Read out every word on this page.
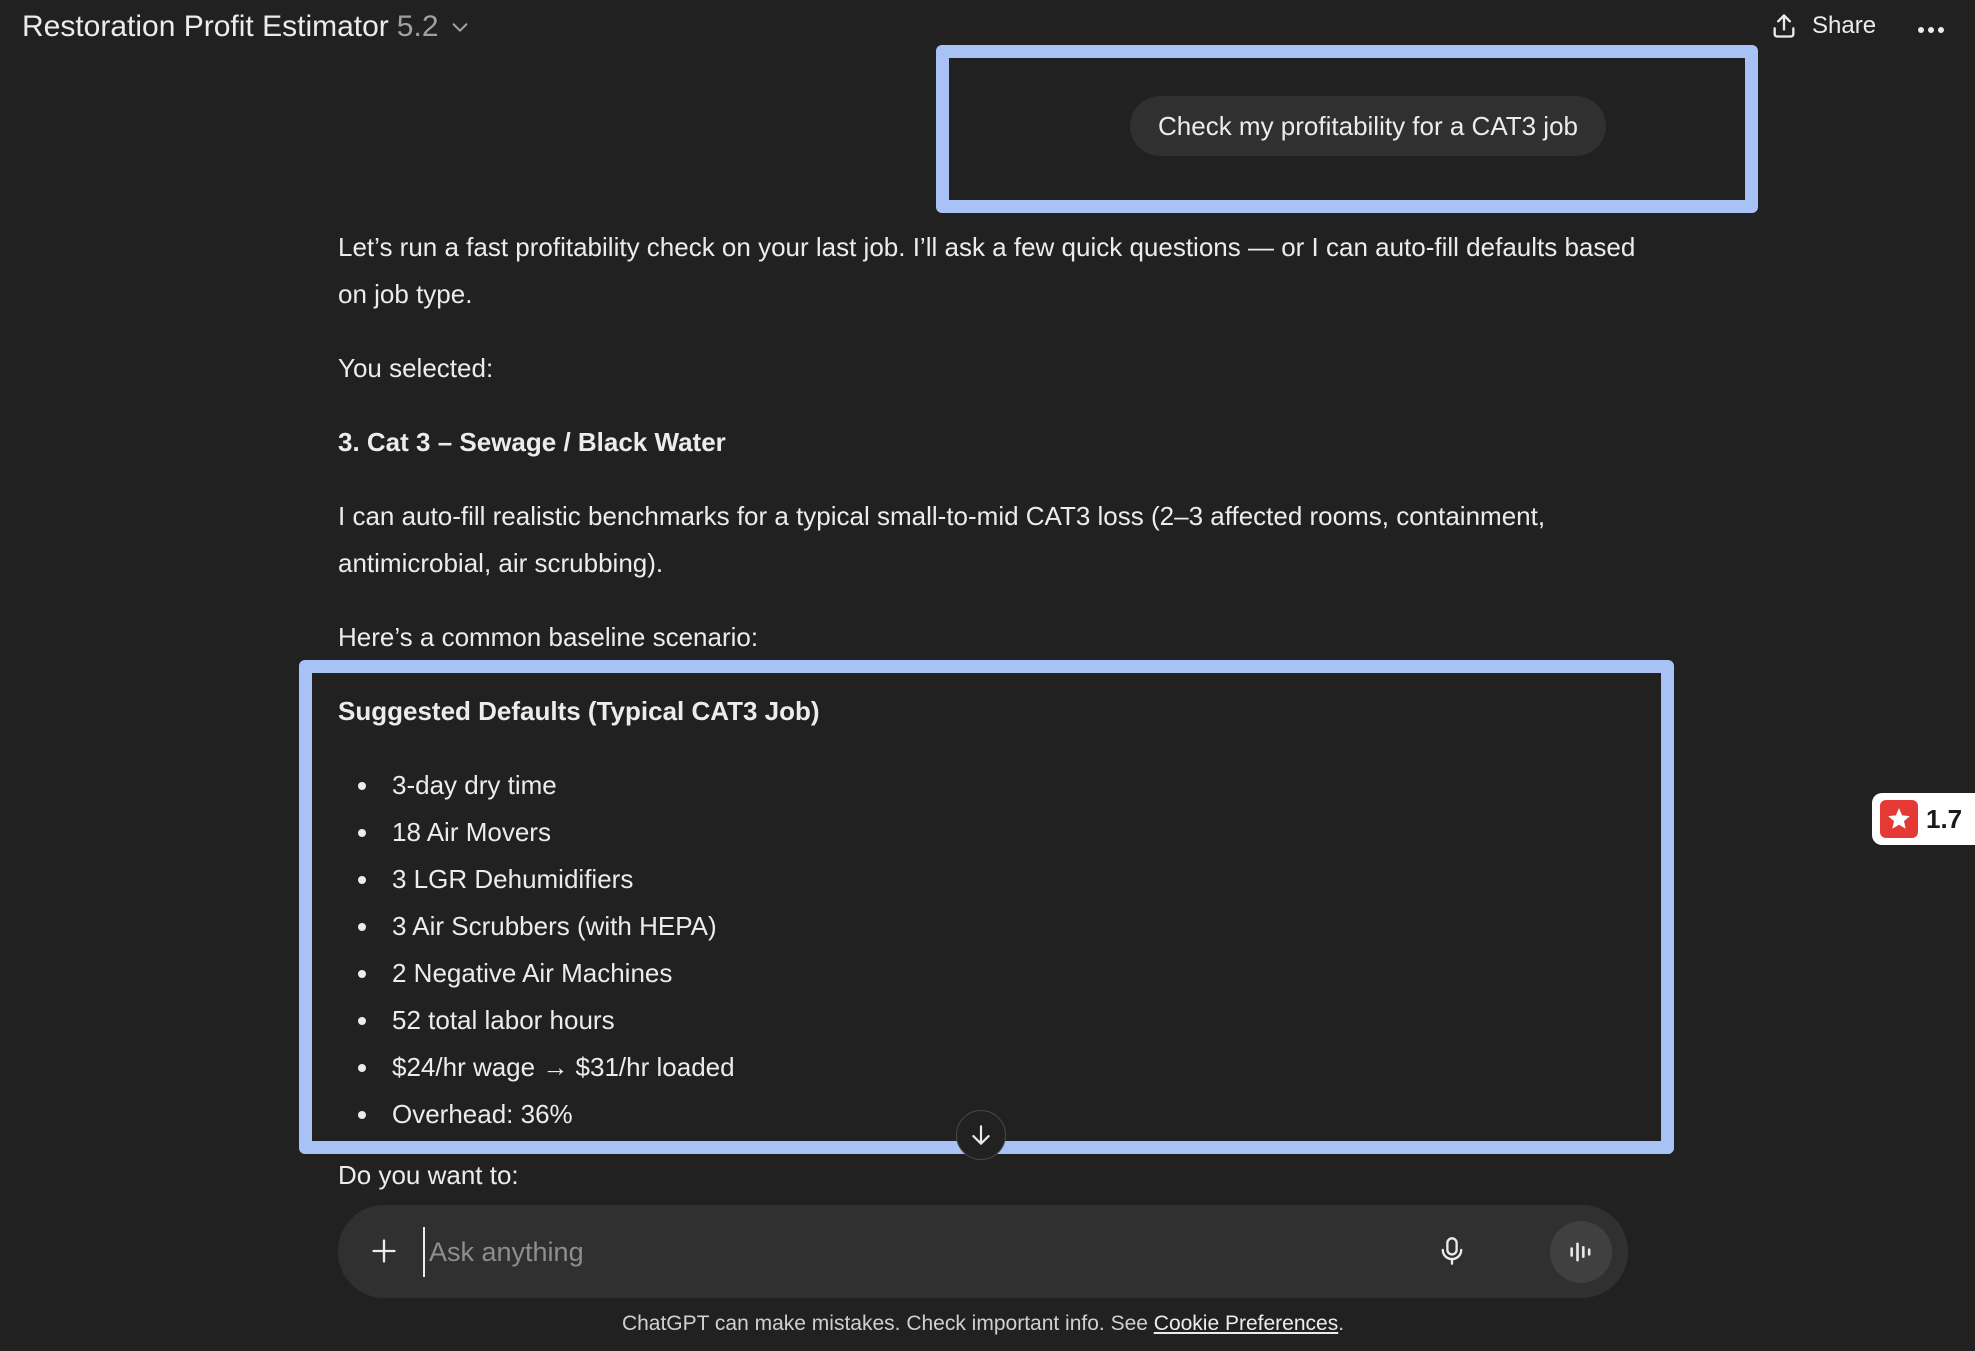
Restoration Profit Estimator 5.2	Share
Check my profitability for a CAT3 job
Let’s run a fast profitability check on your last job. I’ll ask a few quick questions — or I can auto-fill defaults based on job type.
You selected:
3. Cat 3 – Sewage / Black Water
I can auto-fill realistic benchmarks for a typical small-to-mid CAT3 loss (2–3 affected rooms, containment, antimicrobial, air scrubbing).
Here’s a common baseline scenario:
Suggested Defaults (Typical CAT3 Job)
3-day dry time
18 Air Movers
3 LGR Dehumidifiers
3 Air Scrubbers (with HEPA)
2 Negative Air Machines
52 total labor hours
$24/hr wage → $31/hr loaded
Overhead: 36%
Do you want to:
1.7
Ask anything
ChatGPT can make mistakes. Check important info. See Cookie Preferences.
